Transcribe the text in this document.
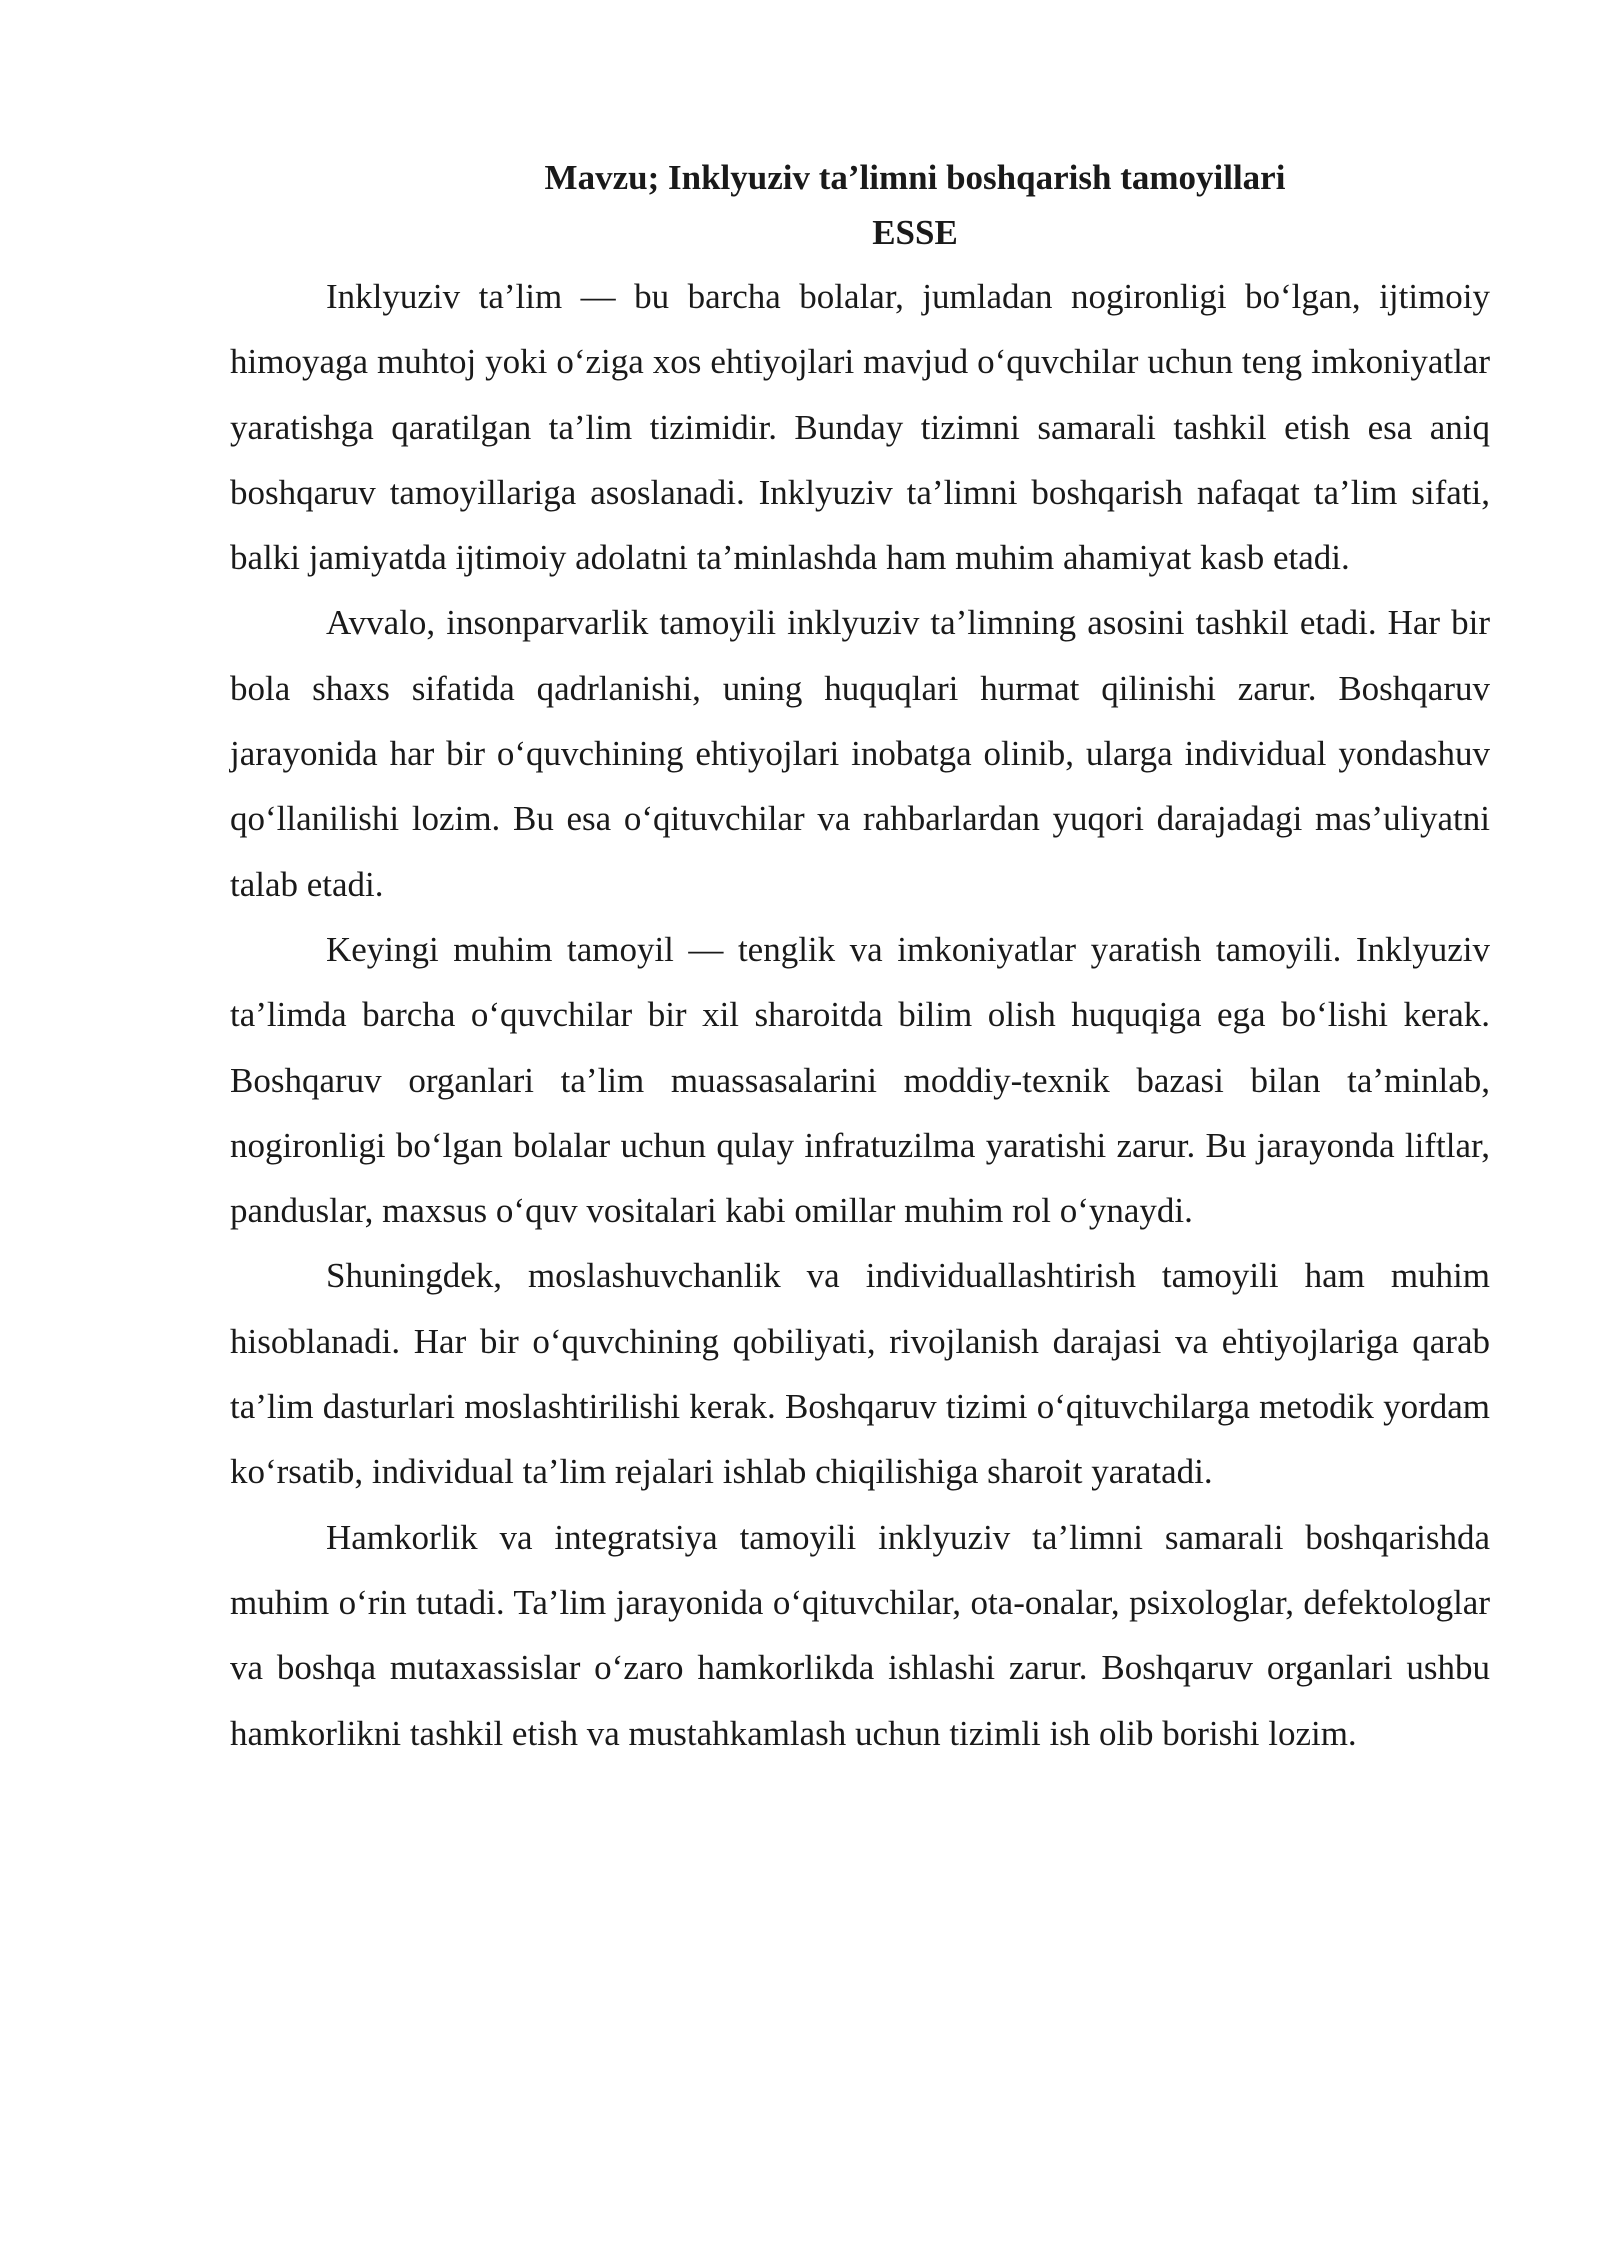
Mavzu; Inklyuziv ta’limni boshqarish tamoyillari
ESSE

Inklyuziv ta’lim — bu barcha bolalar, jumladan nogironligi bo‘lgan, ijtimoiy himoyaga muhtoj yoki o‘ziga xos ehtiyojlari mavjud o‘quvchilar uchun teng imkoniyatlar yaratishga qaratilgan ta’lim tizimidir. Bunday tizimni samarali tashkil etish esa aniq boshqaruv tamoyillariga asoslanadi. Inklyuziv ta’limni boshqarish nafaqat ta’lim sifati, balki jamiyatda ijtimoiy adolatni ta’minlashda ham muhim ahamiyat kasb etadi.

Avvalo, insonparvarlik tamoyili inklyuziv ta’limning asosini tashkil etadi. Har bir bola shaxs sifatida qadrlanishi, uning huquqlari hurmat qilinishi zarur. Boshqaruv jarayonida har bir o‘quvchining ehtiyojlari inobatga olinib, ularga individual yondashuv qo‘llanilishi lozim. Bu esa o‘qituvchilar va rahbarlardan yuqori darajadagi mas’uliyatni talab etadi.

Keyingi muhim tamoyil — tenglik va imkoniyatlar yaratish tamoyili. Inklyuziv ta’limda barcha o‘quvchilar bir xil sharoitda bilim olish huquqiga ega bo‘lishi kerak. Boshqaruv organlari ta’lim muassasalarini moddiy-texnik bazasi bilan ta’minlab, nogironligi bo‘lgan bolalar uchun qulay infratuzilma yaratishi zarur. Bu jarayonda liftlar, panduslar, maxsus o‘quv vositalari kabi omillar muhim rol o‘ynaydi.

Shuningdek, moslashuvchanlik va individuallashtirish tamoyili ham muhim hisoblanadi. Har bir o‘quvchining qobiliyati, rivojlanish darajasi va ehtiyojlariga qarab ta’lim dasturlari moslashtirilishi kerak. Boshqaruv tizimi o‘qituvchilarga metodik yordam ko‘rsatib, individual ta’lim rejalari ishlab chiqilishiga sharoit yaratadi.

Hamkorlik va integratsiya tamoyili inklyuziv ta’limni samarali boshqarishda muhim o‘rin tutadi. Ta’lim jarayonida o‘qituvchilar, ota-onalar, psixologlar, defektologlar va boshqa mutaxassislar o‘zaro hamkorlikda ishlashi zarur. Boshqaruv organlari ushbu hamkorlikni tashkil etish va mustahkamlash uchun tizimli ish olib borishi lozim.
